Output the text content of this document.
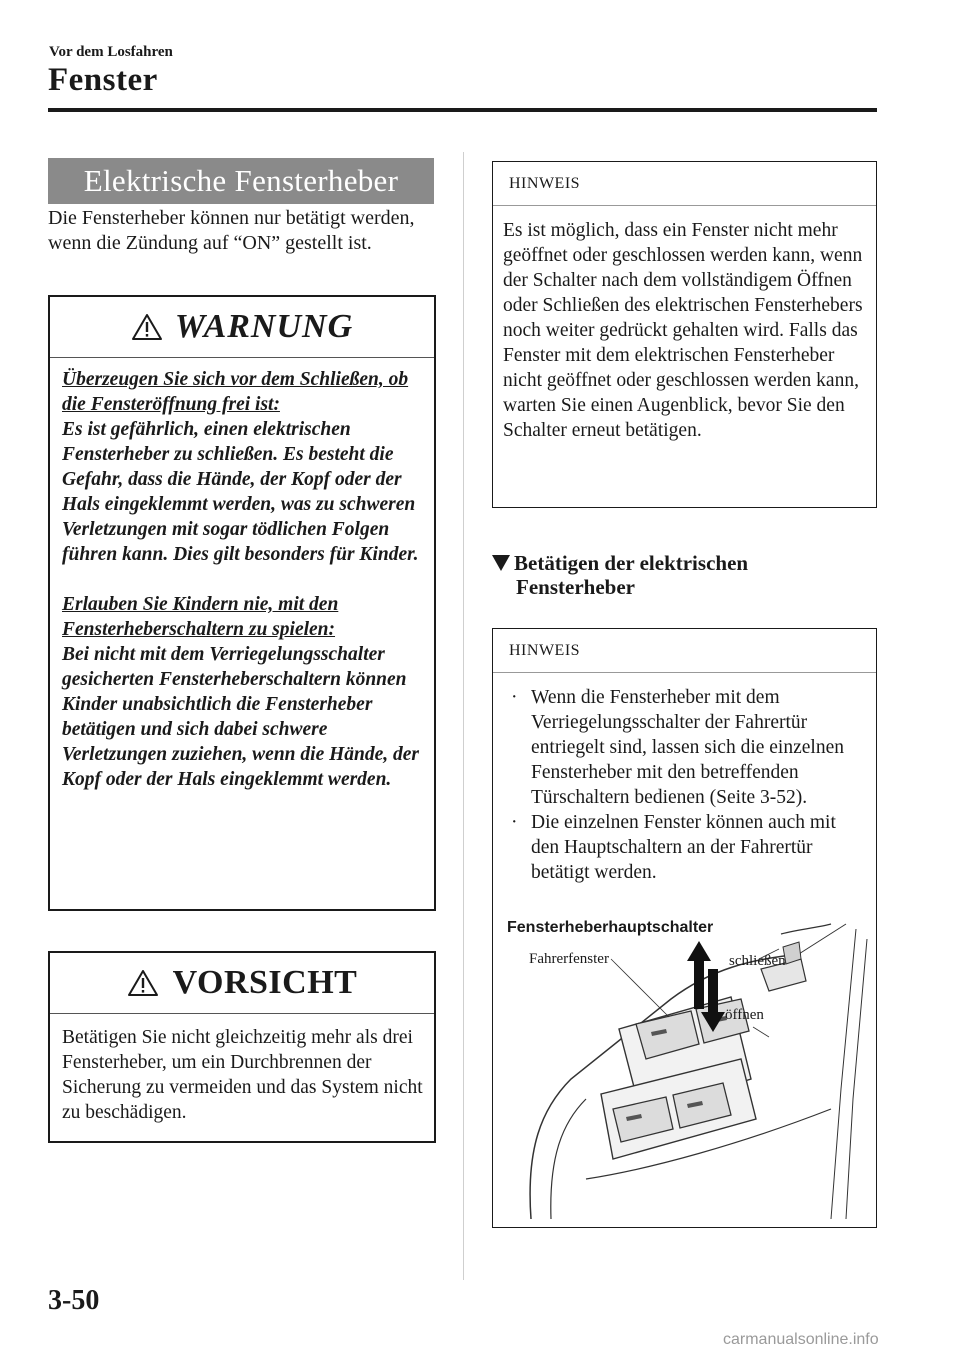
Vor dem Losfahren
Fenster
Elektrische Fensterheber
Die Fensterheber können nur betätigt werden, wenn die Zündung auf “ON” gestellt ist.
WARNUNG

Überzeugen Sie sich vor dem Schließen, ob die Fensteröffnung frei ist:

Es ist gefährlich, einen elektrischen Fensterheber zu schließen. Es besteht die Gefahr, dass die Hände, der Kopf oder der Hals eingeklemmt werden, was zu schweren Verletzungen mit sogar tödlichen Folgen führen kann. Dies gilt besonders für Kinder.

Erlauben Sie Kindern nie, mit den Fensterheberschaltern zu spielen:

Bei nicht mit dem Verriegelungsschalter gesicherten Fensterheberschaltern können Kinder unabsichtlich die Fensterheber betätigen und sich dabei schwere Verletzungen zuziehen, wenn die Hände, der Kopf oder der Hals eingeklemmt werden.

VORSICHT
Betätigen Sie nicht gleichzeitig mehr als drei Fensterheber, um ein Durchbrennen der Sicherung zu vermeiden und das System nicht zu beschädigen.
HINWEIS
Es ist möglich, dass ein Fenster nicht mehr geöffnet oder geschlossen werden kann, wenn der Schalter nach dem vollständigem Öffnen oder Schließen des elektrischen Fensterhebers noch weiter gedrückt gehalten wird. Falls das Fenster mit dem elektrischen Fensterheber nicht geöffnet oder geschlossen werden kann, warten Sie einen Augenblick, bevor Sie den Schalter erneut betätigen.
Betätigen der elektrischen
Fensterheber
HINWEIS

· Wenn die Fensterheber mit dem Verriegelungsschalter der Fahrertür entriegelt sind, lassen sich die einzelnen Fensterheber mit den betreffenden Türschaltern bedienen (Seite 3-52).

· Die einzelnen Fenster können auch mit den Hauptschaltern an der Fahrertür betätigt werden.

Fensterheberhauptschalter
Fahrerfenster	schließen
öffnen
3-50
carmanualsonline.info
